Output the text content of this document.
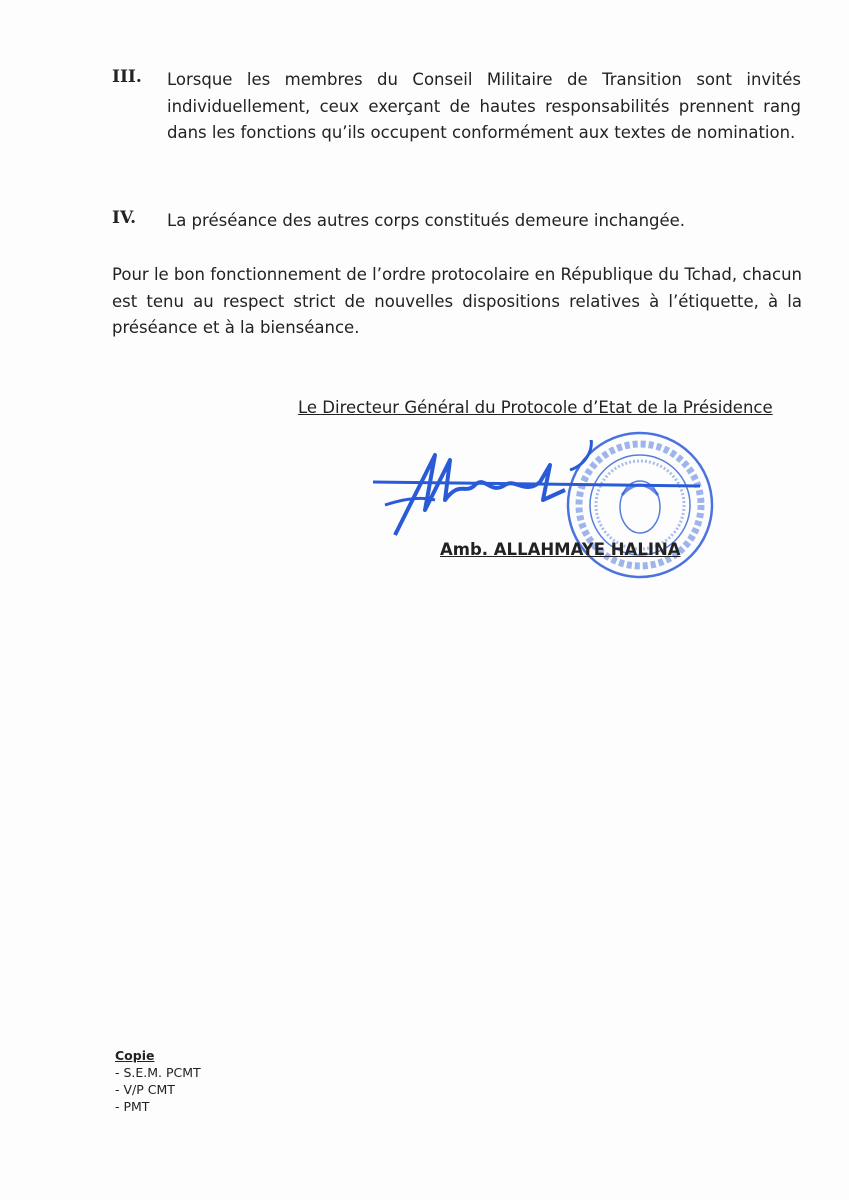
III. Lorsque les membres du Conseil Militaire de Transition sont invités individuellement, ceux exerçant de hautes responsabilités prennent rang dans les fonctions qu’ils occupent conformément aux textes de nomination.
IV. La préséance des autres corps constitués demeure inchangée.
Pour le bon fonctionnement de l’ordre protocolaire en République du Tchad, chacun est tenu au respect strict de nouvelles dispositions relatives à l’étiquette, à la préséance et à la bienséance.
Le Directeur Général du Protocole d’Etat de la Présidence
Amb. ALLAHMAYE HALINA
Copie
- S.E.M. PCMT
- V/P CMT
- PMT
